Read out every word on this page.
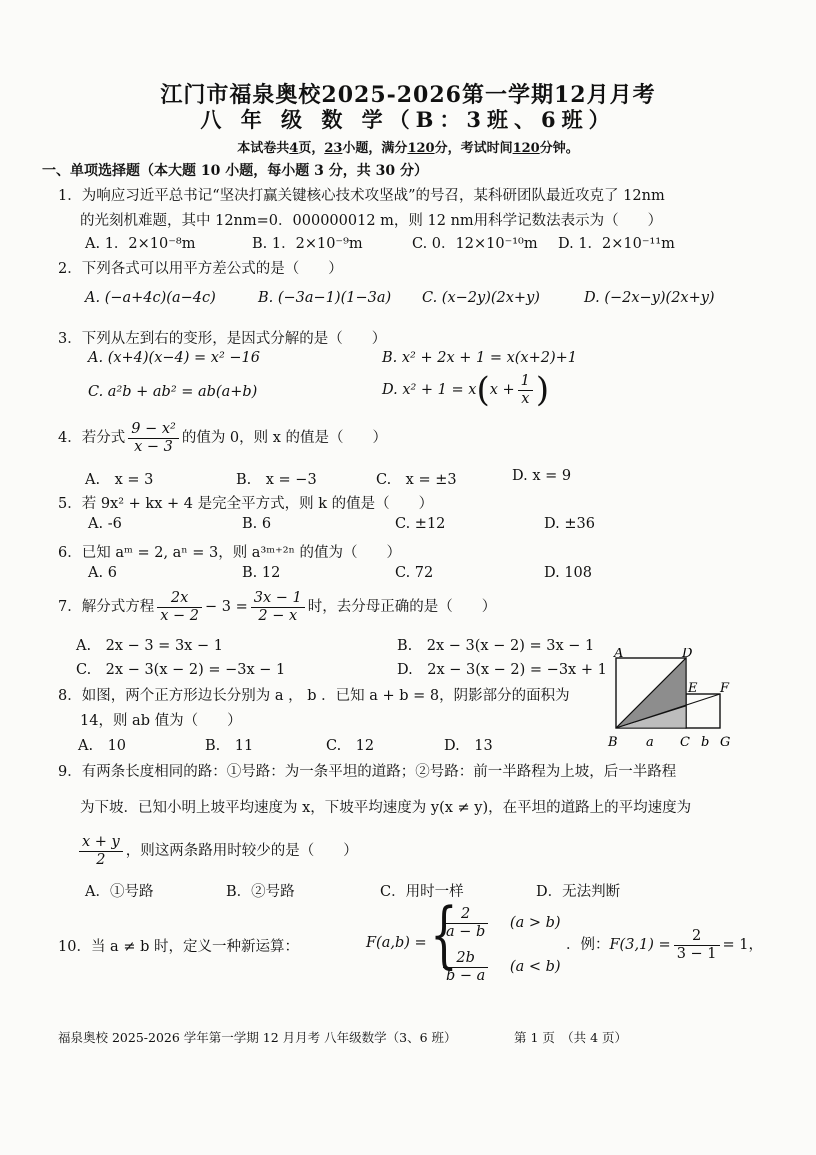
江门市福泉奥校2025-2026第一学期12月月考
八 年 级 数 学（B：3班、6班）
本试卷共4页，23小题，满分120分，考试时间120分钟。
一、单项选择题（本大题 10 小题，每小题 3 分，共 30 分）
1．为响应习近平总书记“坚决打赢关键核心技术攻坚战”的号召，某科研团队最近攻克了 12nm
的光刻机难题，其中 12nm=0．000000012 m，则 12 nm用科学记数法表示为（　　）
A. 1．2×10⁻⁸m	B. 1．2×10⁻⁹m	C. 0．12×10⁻¹⁰m D. 1．2×10⁻¹¹m
2．下列各式可以用平方差公式的是（　　）
A. (−a+4c)(a−4c)	B. (−3a−1)(1−3a) C. (x−2y)(2x+y)	D. (−2x−y)(2x+y)
3．下列从左到右的变形，是因式分解的是（　　）
A. (x+4)(x−4) = x² −16	B. x² + 2x + 1 = x(x+2)+1
C. a²b + ab² = ab(a+b)	D. $x^2 + 1 = x(x + \frac{1}{x}$ )
4．若分式 $\frac{\text{9 − x²}}{x - 3}$ 的值为 0，则 x 的值是（　　）
A.　x = 3	B.　x = −3	C.　x = ±3	D. x = 9
5．若 9x² + kx + 4 是完全平方式，则 k 的值是（　　）
A. -6	B. 6	C. ±12	D. ±36
6．已知 aᵐ = 2, aⁿ = 3，则 a³ᵐ⁺²ⁿ 的值为（　　）
A. 6	B. 12	C. 72	D. 108
7．解分式方程 $\frac{2x}{x - 2} - 3 = \frac{3x - 1}{2 - x}$ 时，去分母正确的是（　　）
A.　2x − 3 = 3x − 1	B.　2x − 3(x − 2) = 3x − 1
C.　2x − 3(x − 2) = −3x − 1	D.　2x − 3(x − 2) = −3x + 1
8．如图，两个正方形边长分别为 a ， b ．已知 a + b = 8，阴影部分的面积为
14，则 ab 值为（　　）
A.　10	B.　11	C.　12	D.　13
A	D
E F
B a C b G
9．有两条长度相同的路：①号路：为一条平坦的道路；②号路：前一半路程为上坡，后一半路程
为下坡．已知小明上坡平均速度为 x，下坡平均速度为 y(x ≠ y)，在平坦的道路上的平均速度为
$\frac{x + y}{2}$ ，则这两条路用时较少的是（　　）
A．①号路	B．②号路	C．用时一样	D．无法判断
10．当 a ≠ b 时，定义一种新运算：	F(a,b) = {
$\frac{2}{a - b} (a > b)$
$\frac{2b}{b - a} (a < b)$
．例：$F(3,1) = \frac{2}{3 - 1} = 1$，
福泉奥校 2025-2026 学年第一学期 12 月月考 八年级数学（3、6 班）	第 1 页　（共 4 页）
